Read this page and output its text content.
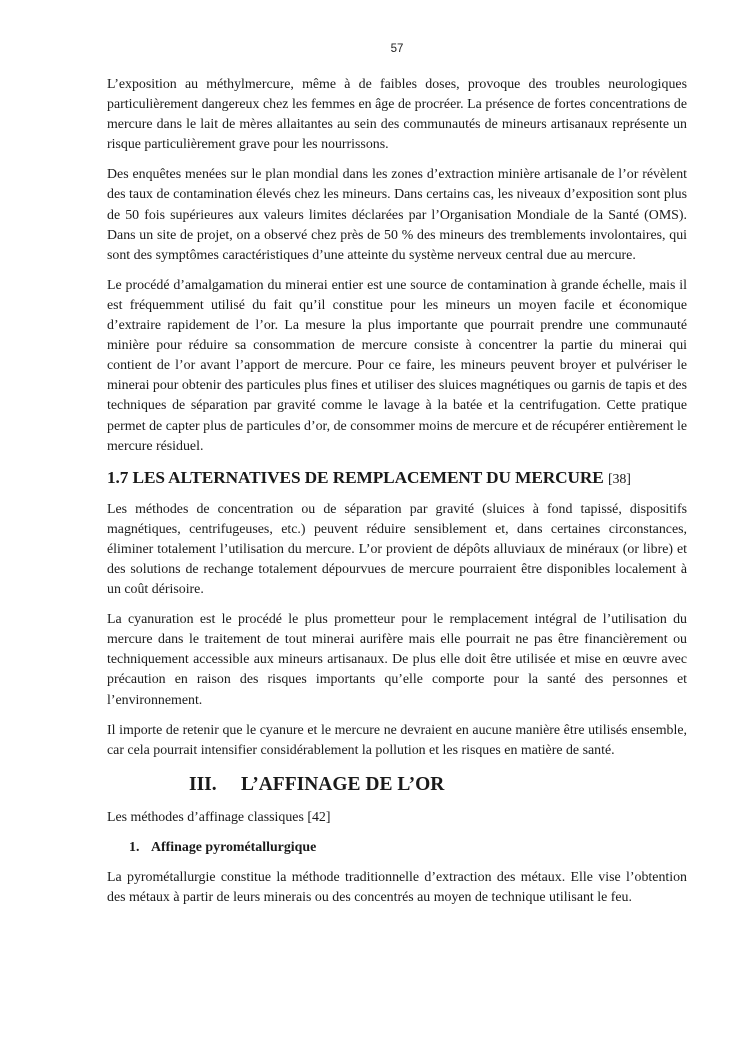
57

L’exposition au méthylmercure, même à de faibles doses, provoque des troubles neurologiques particulièrement dangereux chez les femmes en âge de procréer. La présence de fortes concentrations de mercure dans le lait de mères allaitantes au sein des communautés de mineurs artisanaux représente un risque particulièrement grave pour les nourrissons.

Des enquêtes menées sur le plan mondial dans les zones d’extraction minière artisanale de l’or révèlent des taux de contamination élevés chez les mineurs. Dans certains cas, les niveaux d’exposition sont plus de 50 fois supérieures aux valeurs limites déclarées par l’Organisation Mondiale de la Santé (OMS). Dans un site de projet, on a observé chez près de 50 % des mineurs des tremblements involontaires, qui sont des symptômes caractéristiques d’une atteinte du système nerveux central due au mercure.

Le procédé d’amalgamation du minerai entier est une source de contamination à grande échelle, mais il est fréquemment utilisé du fait qu’il constitue pour les mineurs un moyen facile et économique d’extraire rapidement de l’or. La mesure la plus importante que pourrait prendre une communauté minière pour réduire sa consommation de mercure consiste à concentrer la partie du minerai qui contient de l’or avant l’apport de mercure. Pour ce faire, les mineurs peuvent broyer et pulvériser le minerai pour obtenir des particules plus fines et utiliser des sluices magnétiques ou garnis de tapis et des techniques de séparation par gravité comme le lavage à la batée et la centrifugation. Cette pratique permet de capter plus de particules d’or, de consommer moins de mercure et de récupérer entièrement le mercure résiduel.

1.7 LES ALTERNATIVES DE REMPLACEMENT DU MERCURE [38]

Les méthodes de concentration ou de séparation par gravité (sluices à fond tapissé, dispositifs magnétiques, centrifugeuses, etc.) peuvent réduire sensiblement et, dans certaines circonstances, éliminer totalement l’utilisation du mercure. L’or provient de dépôts alluviaux de minéraux (or libre) et des solutions de rechange totalement dépourvues de mercure pourraient être disponibles localement à un coût dérisoire.

La cyanuration est le procédé le plus prometteur pour le remplacement intégral de l’utilisation du mercure dans le traitement de tout minerai aurifère mais elle pourrait ne pas être financièrement ou techniquement accessible aux mineurs artisanaux. De plus elle doit être utilisée et mise en œuvre avec précaution en raison des risques importants qu’elle comporte pour la santé des personnes et l’environnement.

Il importe de retenir que le cyanure et le mercure ne devraient en aucune manière être utilisés ensemble, car cela pourrait intensifier considérablement la pollution et les risques en matière de santé.

III. L’AFFINAGE DE L’OR

Les méthodes d’affinage classiques [42]

1. Affinage pyrométallurgique

La pyrométallurgie constitue la méthode traditionnelle d’extraction des métaux. Elle vise l’obtention des métaux à partir de leurs minerais ou des concentrés au moyen de technique utilisant le feu.
